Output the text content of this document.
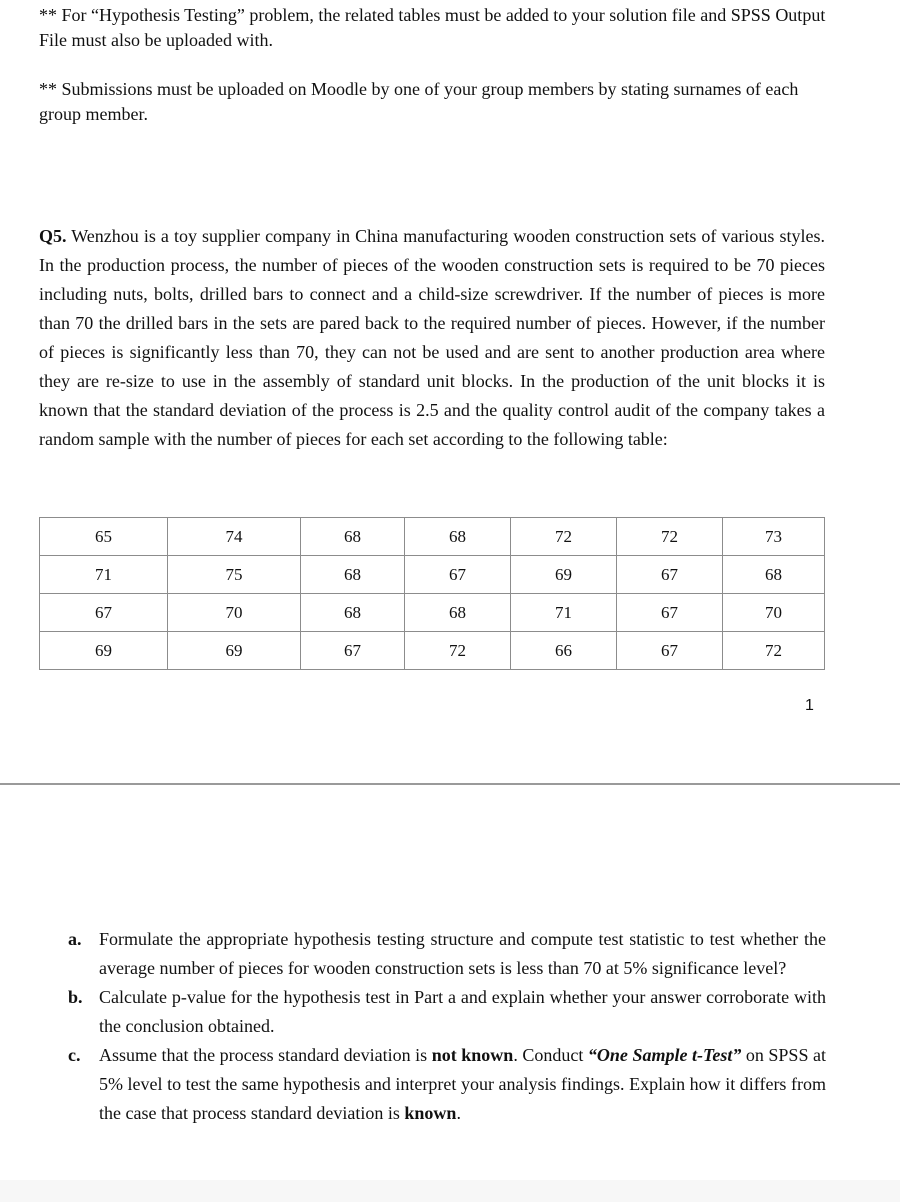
** For “Hypothesis Testing” problem, the related tables must be added to your solution file and SPSS Output File must also be uploaded with.
** Submissions must be uploaded on Moodle by one of your group members by stating surnames of each group member.
Q5. Wenzhou is a toy supplier company in China manufacturing wooden construction sets of various styles. In the production process, the number of pieces of the wooden construction sets is required to be 70 pieces including nuts, bolts, drilled bars to connect and a child-size screwdriver. If the number of pieces is more than 70 the drilled bars in the sets are pared back to the required number of pieces. However, if the number of pieces is significantly less than 70, they can not be used and are sent to another production area where they are re-size to use in the assembly of standard unit blocks. In the production of the unit blocks it is known that the standard deviation of the process is 2.5 and the quality control audit of the company takes a random sample with the number of pieces for each set according to the following table:
65	74	68	68	72	72	73
71	75	68	67	69	67	68
67	70	68	68	71	67	70
69	69	67	72	66	67	72
1
a. Formulate the appropriate hypothesis testing structure and compute test statistic to test whether the average number of pieces for wooden construction sets is less than 70 at 5% significance level?
b. Calculate p-value for the hypothesis test in Part a and explain whether your answer corroborate with the conclusion obtained.
c. Assume that the process standard deviation is not known. Conduct “One Sample t-Test” on SPSS at 5% level to test the same hypothesis and interpret your analysis findings. Explain how it differs from the case that process standard deviation is known.
